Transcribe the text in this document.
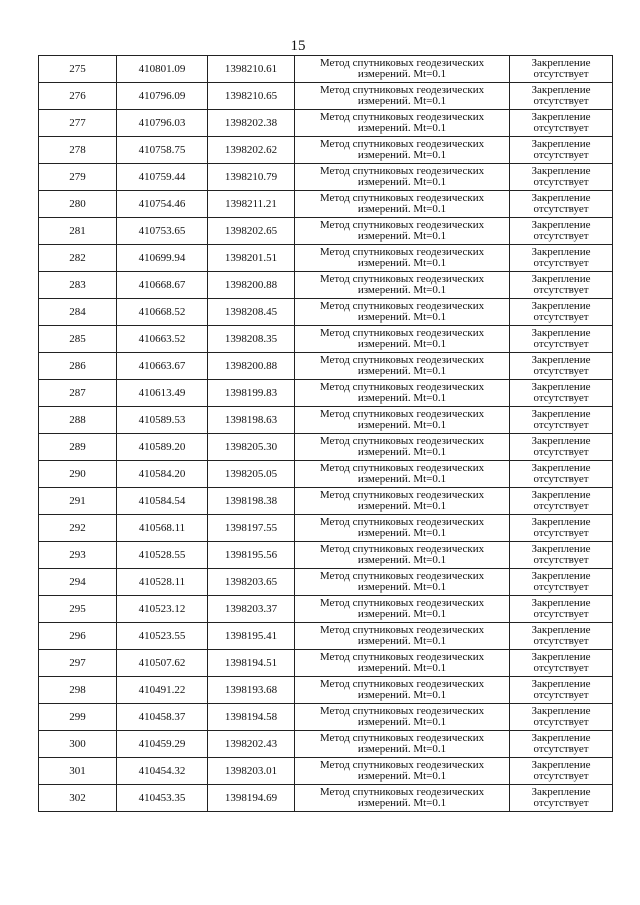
15
275	410801.09	1398210.61	Метод спутниковых геодезических измерений. Mt=0.1	Закрепление отсутствует
276	410796.09	1398210.65	Метод спутниковых геодезических измерений. Mt=0.1	Закрепление отсутствует
277	410796.03	1398202.38	Метод спутниковых геодезических измерений. Mt=0.1	Закрепление отсутствует
278	410758.75	1398202.62	Метод спутниковых геодезических измерений. Mt=0.1	Закрепление отсутствует
279	410759.44	1398210.79	Метод спутниковых геодезических измерений. Mt=0.1	Закрепление отсутствует
280	410754.46	1398211.21	Метод спутниковых геодезических измерений. Mt=0.1	Закрепление отсутствует
281	410753.65	1398202.65	Метод спутниковых геодезических измерений. Mt=0.1	Закрепление отсутствует
282	410699.94	1398201.51	Метод спутниковых геодезических измерений. Mt=0.1	Закрепление отсутствует
283	410668.67	1398200.88	Метод спутниковых геодезических измерений. Mt=0.1	Закрепление отсутствует
284	410668.52	1398208.45	Метод спутниковых геодезических измерений. Mt=0.1	Закрепление отсутствует
285	410663.52	1398208.35	Метод спутниковых геодезических измерений. Mt=0.1	Закрепление отсутствует
286	410663.67	1398200.88	Метод спутниковых геодезических измерений. Mt=0.1	Закрепление отсутствует
287	410613.49	1398199.83	Метод спутниковых геодезических измерений. Mt=0.1	Закрепление отсутствует
288	410589.53	1398198.63	Метод спутниковых геодезических измерений. Mt=0.1	Закрепление отсутствует
289	410589.20	1398205.30	Метод спутниковых геодезических измерений. Mt=0.1	Закрепление отсутствует
290	410584.20	1398205.05	Метод спутниковых геодезических измерений. Mt=0.1	Закрепление отсутствует
291	410584.54	1398198.38	Метод спутниковых геодезических измерений. Mt=0.1	Закрепление отсутствует
292	410568.11	1398197.55	Метод спутниковых геодезических измерений. Mt=0.1	Закрепление отсутствует
293	410528.55	1398195.56	Метод спутниковых геодезических измерений. Mt=0.1	Закрепление отсутствует
294	410528.11	1398203.65	Метод спутниковых геодезических измерений. Mt=0.1	Закрепление отсутствует
295	410523.12	1398203.37	Метод спутниковых геодезических измерений. Mt=0.1	Закрепление отсутствует
296	410523.55	1398195.41	Метод спутниковых геодезических измерений. Mt=0.1	Закрепление отсутствует
297	410507.62	1398194.51	Метод спутниковых геодезических измерений. Mt=0.1	Закрепление отсутствует
298	410491.22	1398193.68	Метод спутниковых геодезических измерений. Mt=0.1	Закрепление отсутствует
299	410458.37	1398194.58	Метод спутниковых геодезических измерений. Mt=0.1	Закрепление отсутствует
300	410459.29	1398202.43	Метод спутниковых геодезических измерений. Mt=0.1	Закрепление отсутствует
301	410454.32	1398203.01	Метод спутниковых геодезических измерений. Mt=0.1	Закрепление отсутствует
302	410453.35	1398194.69	Метод спутниковых геодезических измерений. Mt=0.1	Закрепление отсутствует
